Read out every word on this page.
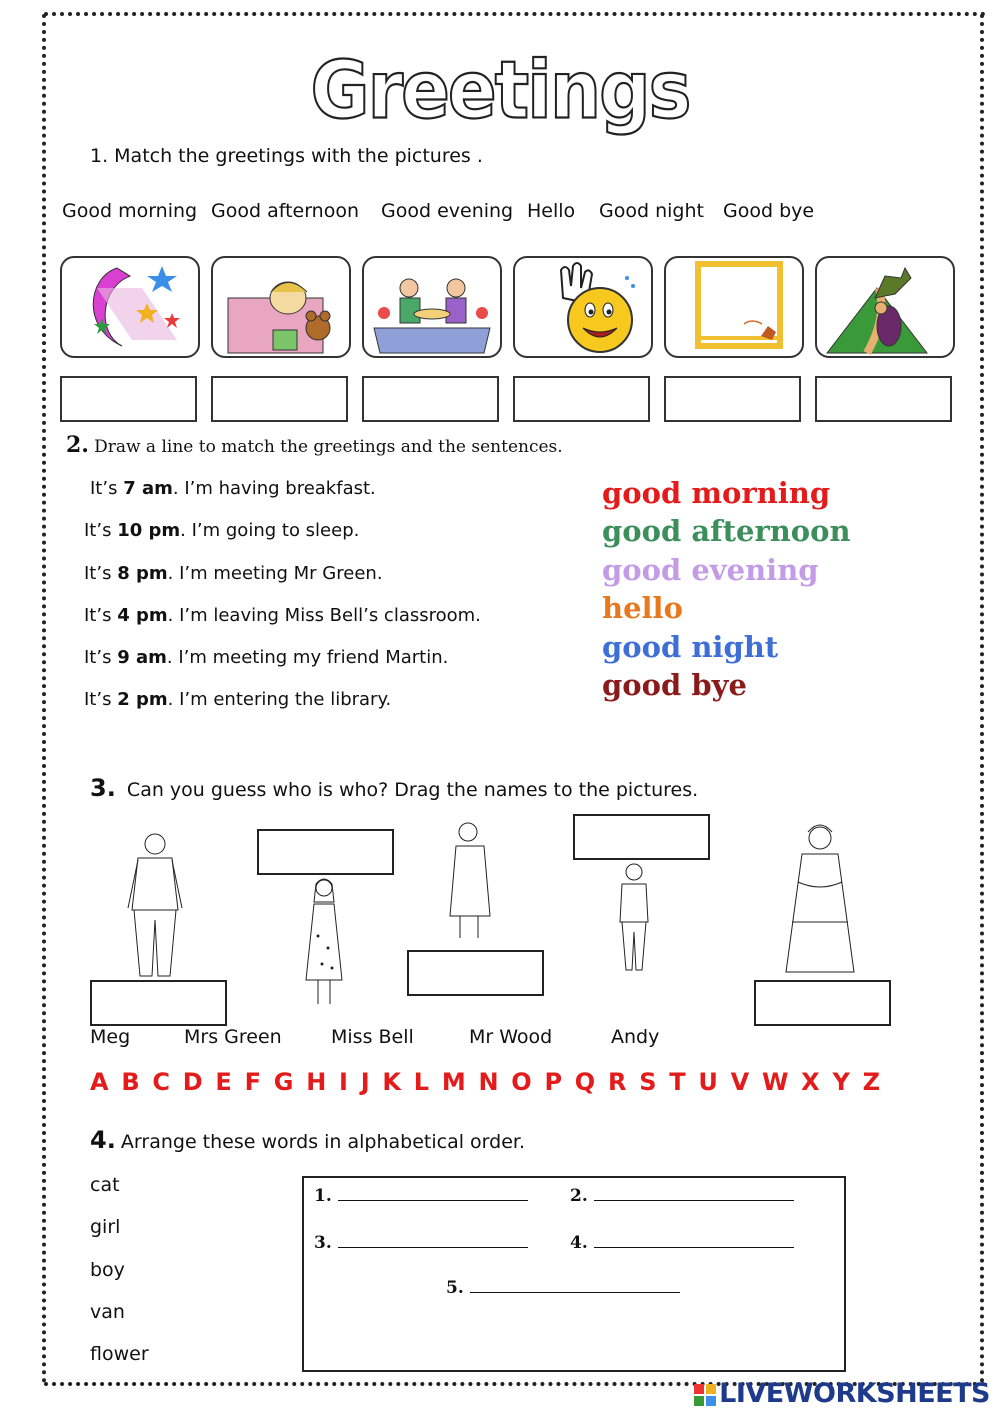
Greetings
1. Match the greetings with the pictures .
Good morning Good afternoon Good evening Hello Good night Good bye
2. Draw a line to match the greetings and the sentences.
It’s 7 am. I’m having breakfast.
It’s 10 pm. I’m going to sleep.
It’s 8 pm. I’m meeting Mr Green.
It’s 4 pm. I’m leaving Miss Bell’s classroom.
It’s 9 am. I’m meeting my friend Martin.
It’s 2 pm. I’m entering the library.
good morning
good afternoon
good evening
hello
good night
good bye
3. Can you guess who is who? Drag the names to the pictures.
Meg	Mrs Green	Miss Bell	Mr Wood	Andy
A B C D E F G H I J K L M N O P Q R S T U V W X Y Z
4. Arrange these words in alphabetical order.
cat
girl
boy
van
flower
1.	2.
3.	4.
5.
LIVEWORKSHEETS
